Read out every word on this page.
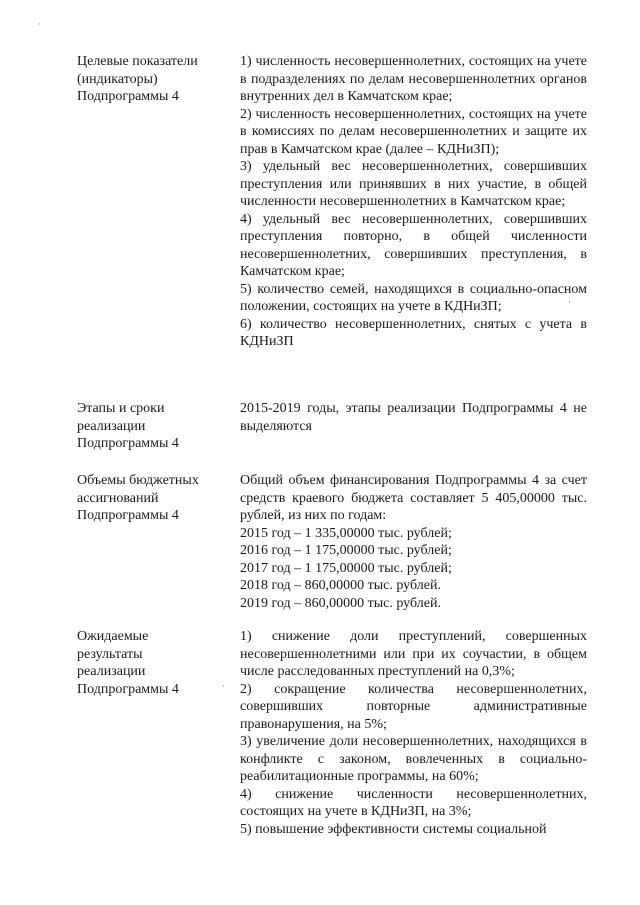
·
·
·
Целевые показатели
(индикаторы)
Подпрограммы 4
1) численность несовершеннолетних, состоящих на учете в подразделениях по делам несовершеннолетних органов внутренних дел в Камчатском крае;
2) численность несовершеннолетних, состоящих на учете в комиссиях по делам несовершеннолетних и защите их прав в Камчатском крае (далее – КДНиЗП);
3) удельный вес несовершеннолетних, совершивших преступления или принявших в них участие, в общей численности несовершеннолетних в Камчатском крае;
4) удельный вес несовершеннолетних, совершивших преступления повторно, в общей численности несовершеннолетних, совершивших преступления, в Камчатском крае;
5) количество семей, находящихся в социально-опасном положении, состоящих на учете в КДНиЗП;
6) количество несовершеннолетних, снятых с учета в КДНиЗП
Этапы и сроки
реализации
Подпрограммы 4
2015-2019 годы, этапы реализации Подпрограммы 4 не выделяются
Объемы бюджетных
ассигнований
Подпрограммы 4
Общий объем финансирования Подпрограммы 4 за счет средств краевого бюджета составляет 5 405,00000 тыс. рублей, из них по годам:
2015 год – 1 335,00000 тыс. рублей;
2016 год – 1 175,00000 тыс. рублей;
2017 год – 1 175,00000 тыс. рублей;
2018 год – 860,00000 тыс. рублей.
2019 год – 860,00000 тыс. рублей.
Ожидаемые
результаты
реализации
Подпрограммы 4
1) снижение доли преступлений, совершенных несовершеннолетними или при их соучастии, в общем числе расследованных преступлений на 0,3%;
2) сокращение количества несовершеннолетних, совершивших повторные административные правонарушения, на 5%;
3) увеличение доли несовершеннолетних, находящихся в конфликте с законом, вовлеченных в социально-реабилитационные программы, на 60%;
4) снижение численности несовершеннолетних, состоящих на учете в КДНиЗП, на 3%;
5) повышение эффективности системы социальной
